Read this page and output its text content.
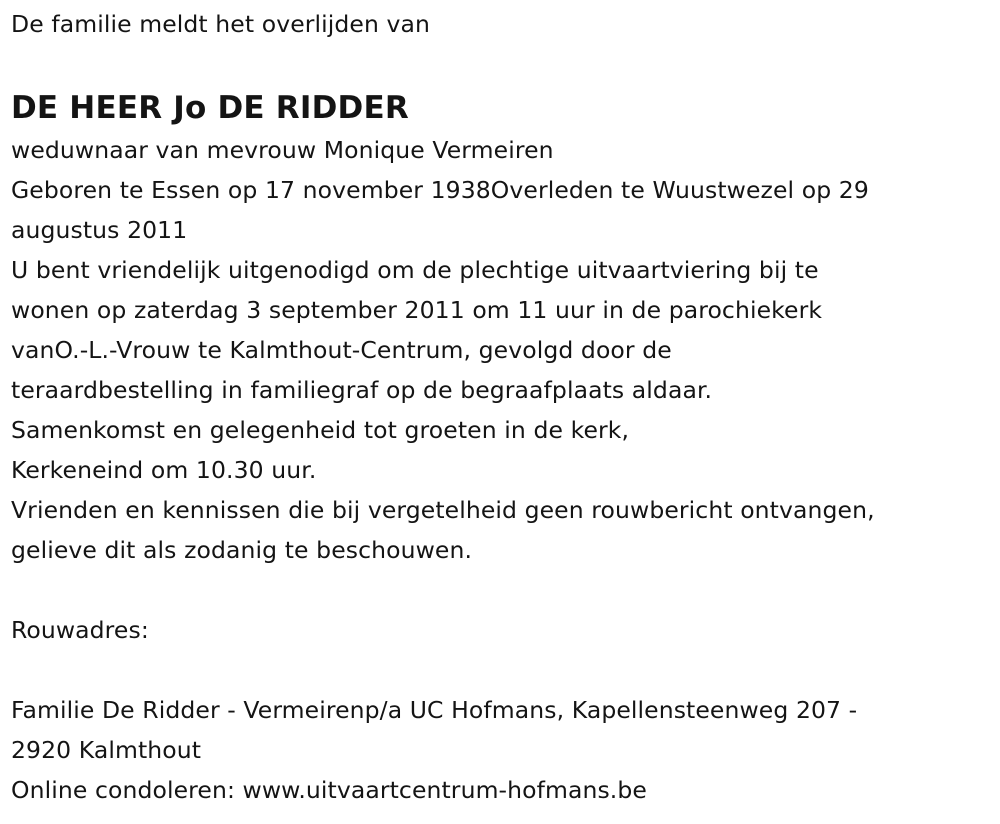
De familie meldt het overlijden van
DE HEER Jo DE RIDDER
weduwnaar van mevrouw Monique Vermeiren
Geboren te Essen op 17 november 1938Overleden te Wuustwezel op 29
augustus 2011
U bent vriendelijk uitgenodigd om de plechtige uitvaartviering bij te
wonen op zaterdag 3 september 2011 om 11 uur in de parochiekerk
vanO.-L.-Vrouw te Kalmthout-Centrum, gevolgd door de
teraardbestelling in familiegraf op de begraafplaats aldaar.
Samenkomst en gelegenheid tot groeten in de kerk,
Kerkeneind om 10.30 uur.
Vrienden en kennissen die bij vergetelheid geen rouwbericht ontvangen,
gelieve dit als zodanig te beschouwen.
Rouwadres:
Familie De Ridder - Vermeirenp/a UC Hofmans, Kapellensteenweg 207 -
2920 Kalmthout
Online condoleren: www.uitvaartcentrum-hofmans.be
